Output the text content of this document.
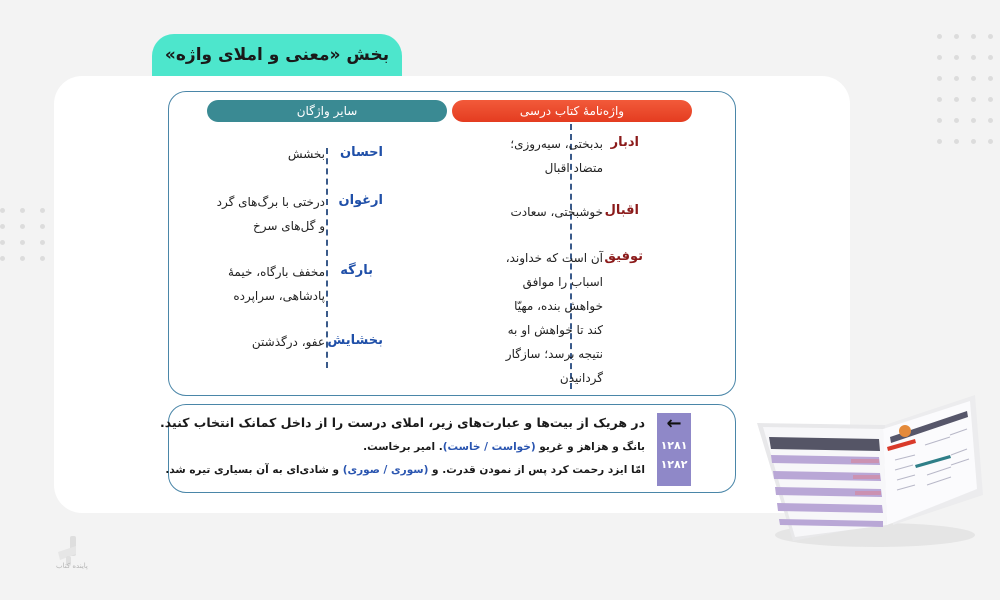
بخش «معنی و املای واژه»
واژه‌نامهٔ کتاب درسی
سایر واژگان
ادبار
بدبختی، سیه‌روزی؛
متضاد اقبال
اقبال
خوشبختی، سعادت
توفیق
آن است که خداوند،
اسباب را موافق
خواهش بنده، مهیّا
کند تا خواهش او به
نتیجه برسد؛ سازگار
گردانیدن
احسان
بخشش
ارغوان
درختی با برگ‌های گرد
و گل‌های سرخ
بارگه
مخفف بارگاه، خیمهٔ
پادشاهی، سراپرده
بخشایش
عفو، درگذشتن
←
۱۲۸۱
۱۲۸۲
در هریک از بیت‌ها و عبارت‌های زیر، املای درست را از داخل کمانک انتخاب کنید.
بانگ و هزاهز و غریو (خواست / خاست). امیر برخاست.
امّا ایزد رحمت کرد پس از نمودن قدرت. و (سوری / صوری) و شادی‌ای به آن بسیاری تیره شد.
پاینده کتاب
